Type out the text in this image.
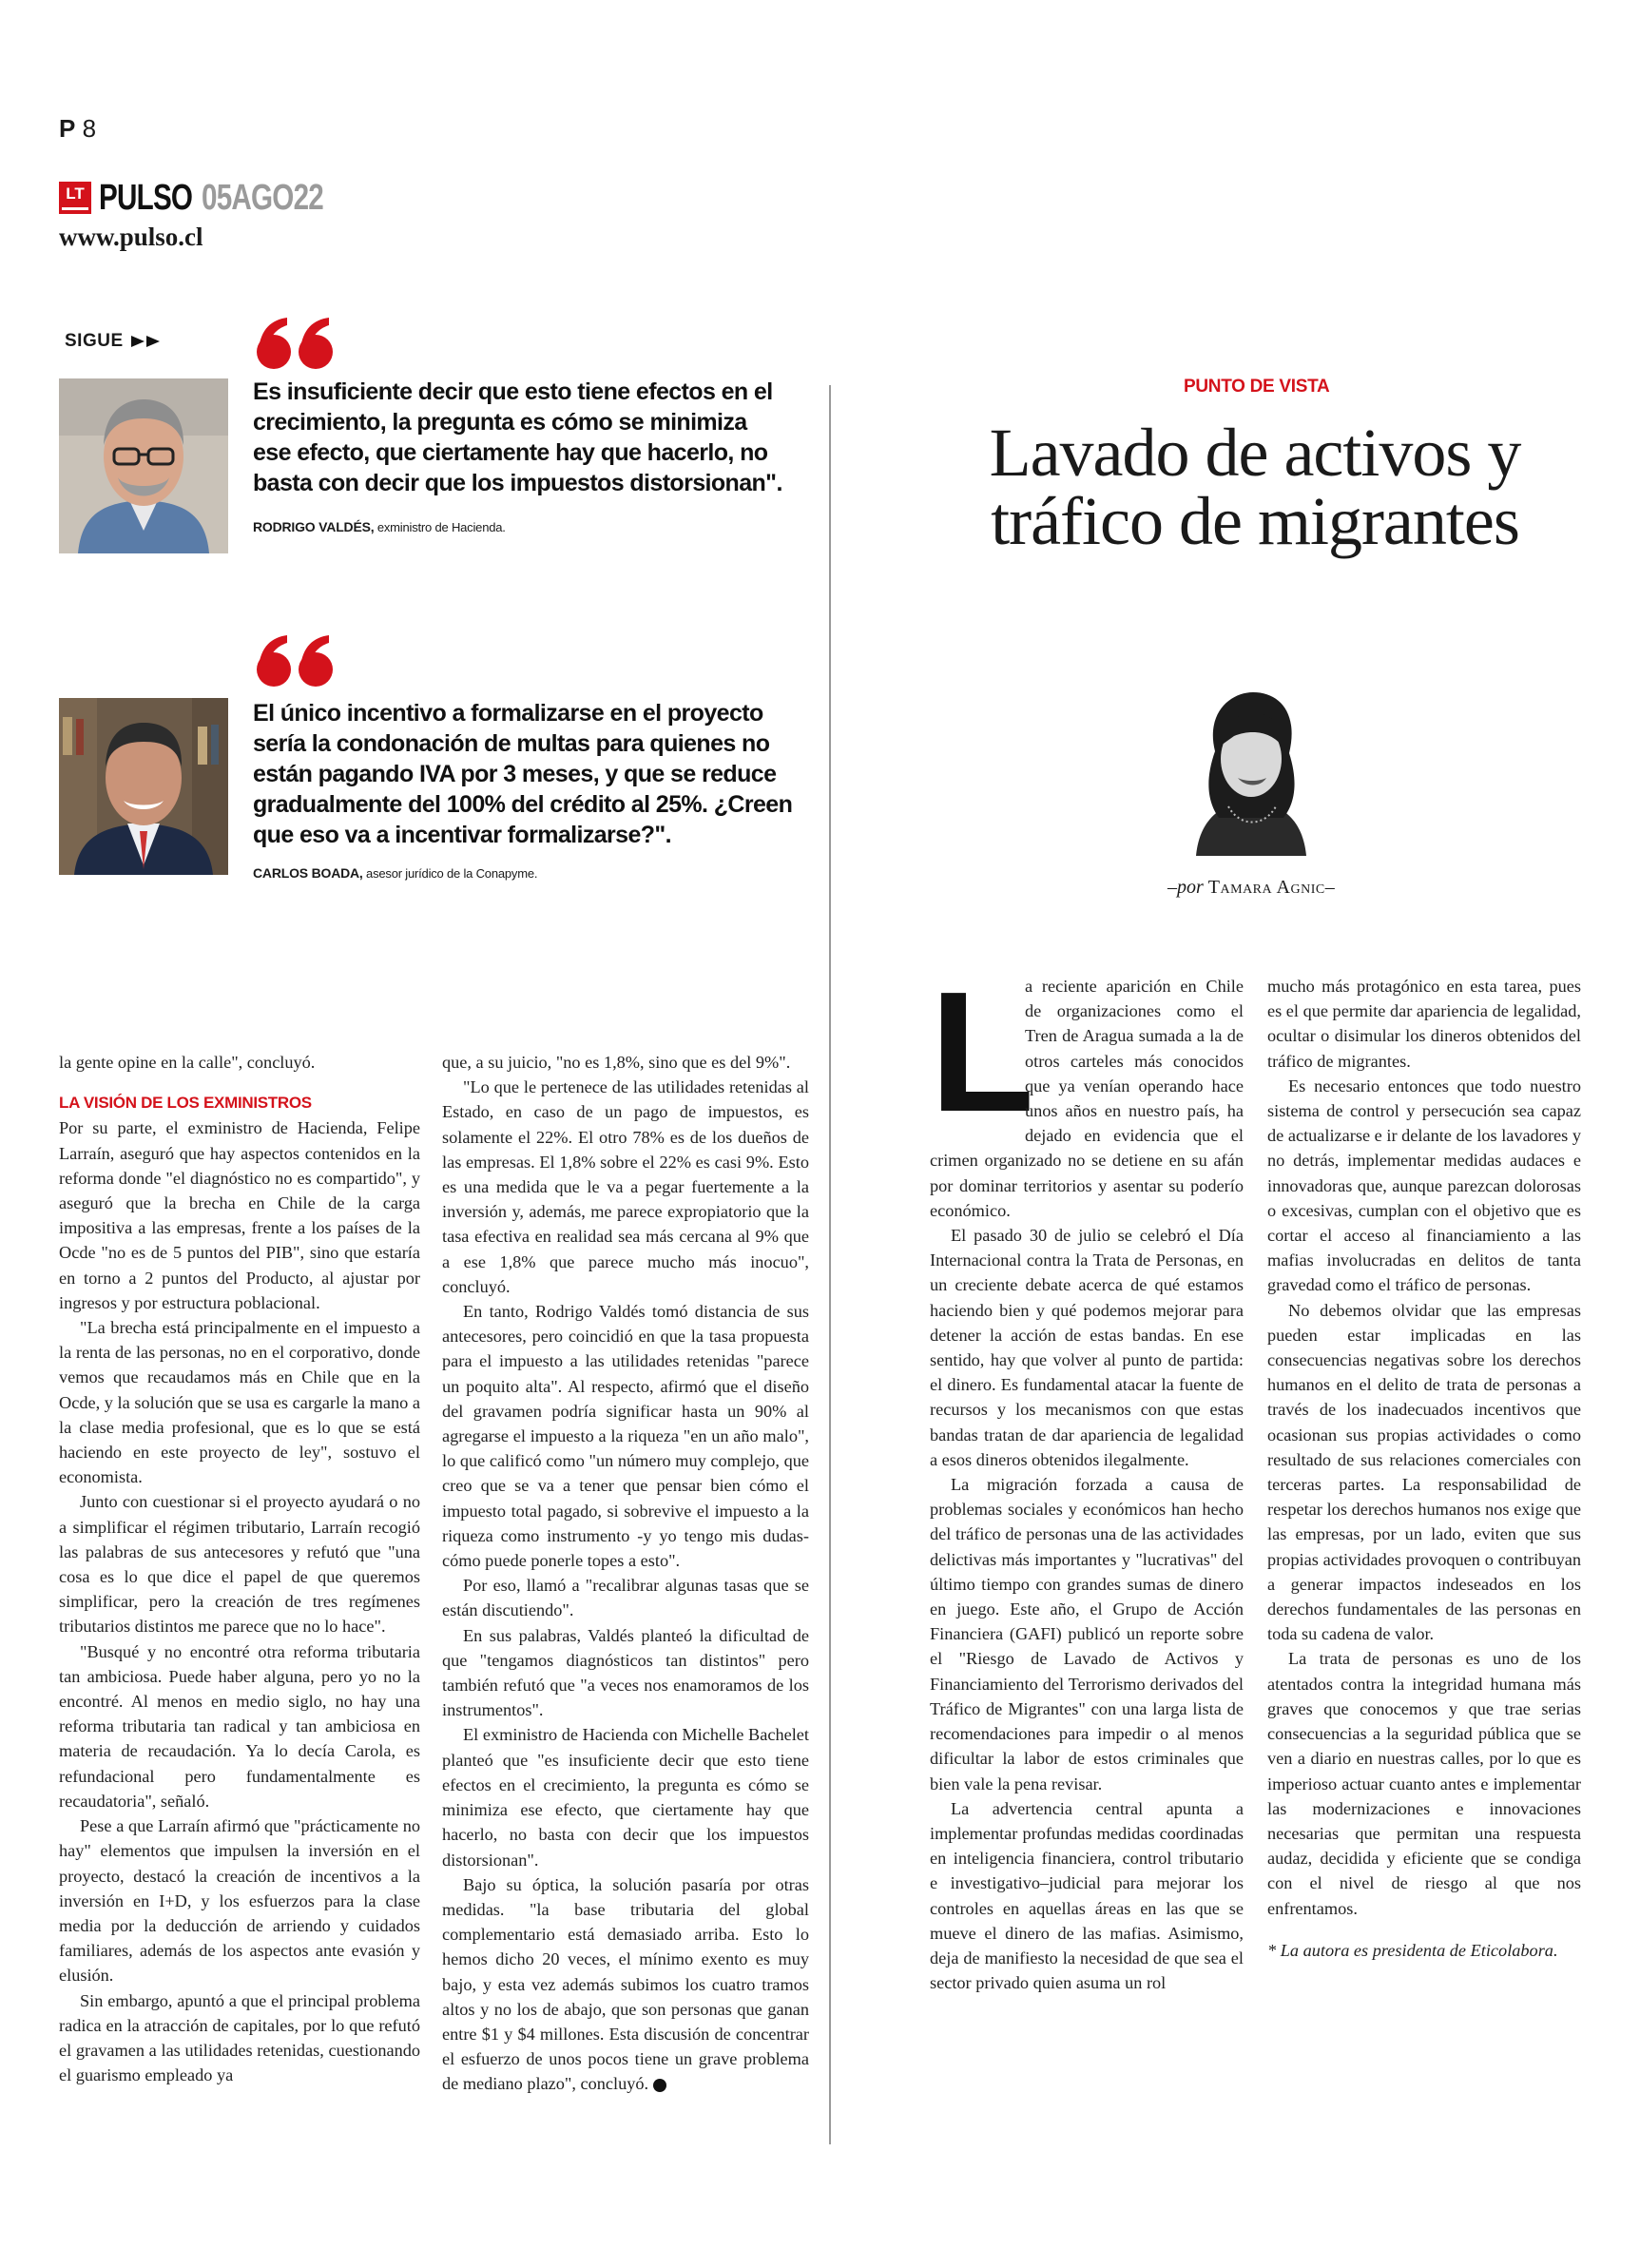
P 8
LT PULSO 05AGO22
www.pulso.cl
SIGUE
Es insuficiente decir que esto tiene efectos en el crecimiento, la pregunta es cómo se minimiza ese efecto, que ciertamente hay que hacerlo, no basta con decir que los impuestos distorsionan".
RODRIGO VALDÉS, exministro de Hacienda.
El único incentivo a formalizarse en el proyecto sería la condonación de multas para quienes no están pagando IVA por 3 meses, y que se reduce gradualmente del 100% del crédito al 25%. ¿Creen que eso va a incentivar formalizarse?".
CARLOS BOADA, asesor jurídico de la Conapyme.
PUNTO DE VISTA
Lavado de activos y tráfico de migrantes
–por Tamara Agnic–

la gente opine en la calle", concluyó.

LA VISIÓN DE LOS EXMINISTROS

Por su parte, el exministro de Hacienda, Felipe Larraín, aseguró que hay aspectos contenidos en la reforma donde "el diagnóstico no es compartido", y aseguró que la brecha en Chile de la carga impositiva a las empresas, frente a los países de la Ocde "no es de 5 puntos del PIB", sino que estaría en torno a 2 puntos del Producto, al ajustar por ingresos y por estructura poblacional.

"La brecha está principalmente en el impuesto a la renta de las personas, no en el corporativo, donde vemos que recaudamos más en Chile que en la Ocde, y la solución que se usa es cargarle la mano a la clase media profesional, que es lo que se está haciendo en este proyecto de ley", sostuvo el economista.

Junto con cuestionar si el proyecto ayudará o no a simplificar el régimen tributario, Larraín recogió las palabras de sus antecesores y refutó que "una cosa es lo que dice el papel de que queremos simplificar, pero la creación de tres regímenes tributarios distintos me parece que no lo hace".

"Busqué y no encontré otra reforma tributaria tan ambiciosa. Puede haber alguna, pero yo no la encontré. Al menos en medio siglo, no hay una reforma tributaria tan radical y tan ambiciosa en materia de recaudación. Ya lo decía Carola, es refundacional pero fundamentalmente es recaudatoria", señaló.

Pese a que Larraín afirmó que "prácticamente no hay" elementos que impulsen la inversión en el proyecto, destacó la creación de incentivos a la inversión en I+D, y los esfuerzos para la clase media por la deducción de arriendo y cuidados familiares, además de los aspectos ante evasión y elusión.

Sin embargo, apuntó a que el principal problema radica en la atracción de capitales, por lo que refutó el gravamen a las utilidades retenidas, cuestionando el guarismo empleado ya

que, a su juicio, "no es 1,8%, sino que es del 9%".

"Lo que le pertenece de las utilidades retenidas al Estado, en caso de un pago de impuestos, es solamente el 22%. El otro 78% es de los dueños de las empresas. El 1,8% sobre el 22% es casi 9%. Esto es una medida que le va a pegar fuertemente a la inversión y, además, me parece expropiatorio que la tasa efectiva en realidad sea más cercana al 9% que a ese 1,8% que parece mucho más inocuo", concluyó.

En tanto, Rodrigo Valdés tomó distancia de sus antecesores, pero coincidió en que la tasa propuesta para el impuesto a las utilidades retenidas "parece un poquito alta". Al respecto, afirmó que el diseño del gravamen podría significar hasta un 90% al agregarse el impuesto a la riqueza "en un año malo", lo que calificó como "un número muy complejo, que creo que se va a tener que pensar bien cómo el impuesto total pagado, si sobrevive el impuesto a la riqueza como instrumento -y yo tengo mis dudas- cómo puede ponerle topes a esto".

Por eso, llamó a "recalibrar algunas tasas que se están discutiendo".

En sus palabras, Valdés planteó la dificultad de que "tengamos diagnósticos tan distintos" pero también refutó que "a veces nos enamoramos de los instrumentos".

El exministro de Hacienda con Michelle Bachelet planteó que "es insuficiente decir que esto tiene efectos en el crecimiento, la pregunta es cómo se minimiza ese efecto, que ciertamente hay que hacerlo, no basta con decir que los impuestos distorsionan".

Bajo su óptica, la solución pasaría por otras medidas. "la base tributaria del global complementario está demasiado arriba. Esto lo hemos dicho 20 veces, el mínimo exento es muy bajo, y esta vez además subimos los cuatro tramos altos y no los de abajo, que son personas que ganan entre $1 y $4 millones. Esta discusión de concentrar el esfuerzo de unos pocos tiene un grave problema de mediano plazo", concluyó.	P

L

a reciente aparición en Chile de organizaciones como el Tren de Aragua sumada a la de otros carteles más conocidos que ya venían operando hace unos años en nuestro país, ha dejado en evidencia que el crimen organizado no se detiene en su afán por dominar territorios y asentar su poderío económico.

El pasado 30 de julio se celebró el Día Internacional contra la Trata de Personas, en un creciente debate acerca de qué estamos haciendo bien y qué podemos mejorar para detener la acción de estas bandas. En ese sentido, hay que volver al punto de partida: el dinero. Es fundamental atacar la fuente de recursos y los mecanismos con que estas bandas tratan de dar apariencia de legalidad a esos dineros obtenidos ilegalmente.

La migración forzada a causa de problemas sociales y económicos han hecho del tráfico de personas una de las actividades delictivas más importantes y "lucrativas" del último tiempo con grandes sumas de dinero en juego. Este año, el Grupo de Acción Financiera (GAFI) publicó un reporte sobre el "Riesgo de Lavado de Activos y Financiamiento del Terrorismo derivados del Tráfico de Migrantes" con una larga lista de recomendaciones para impedir o al menos dificultar la labor de estos criminales que bien vale la pena revisar.

La advertencia central apunta a implementar profundas medidas coordinadas en inteligencia financiera, control tributario e investigativo–judicial para mejorar los controles en aquellas áreas en las que se mueve el dinero de las mafias. Asimismo, deja de manifiesto la necesidad de que sea el sector privado quien asuma un rol

mucho más protagónico en esta tarea, pues es el que permite dar apariencia de legalidad, ocultar o disimular los dineros obtenidos del tráfico de migrantes.

Es necesario entonces que todo nuestro sistema de control y persecución sea capaz de actualizarse e ir delante de los lavadores y no detrás, implementar medidas audaces e innovadoras que, aunque parezcan dolorosas o excesivas, cumplan con el objetivo que es cortar el acceso al financiamiento a las mafias involucradas en delitos de tanta gravedad como el tráfico de personas.

No debemos olvidar que las empresas pueden estar implicadas en las consecuencias negativas sobre los derechos humanos en el delito de trata de personas a través de los inadecuados incentivos que ocasionan sus propias actividades o como resultado de sus relaciones comerciales con terceras partes. La responsabilidad de respetar los derechos humanos nos exige que las empresas, por un lado, eviten que sus propias actividades provoquen o contribuyan a generar impactos indeseados en los derechos fundamentales de las personas en toda su cadena de valor.

La trata de personas es uno de los atentados contra la integridad humana más graves que conocemos y que trae serias consecuencias a la seguridad pública que se ven a diario en nuestras calles, por lo que es imperioso actuar cuanto antes e implementar las modernizaciones e innovaciones necesarias que permitan una respuesta audaz, decidida y eficiente que se condiga con el nivel de riesgo al que nos enfrentamos.

* La autora es presidenta de Eticolabora.
